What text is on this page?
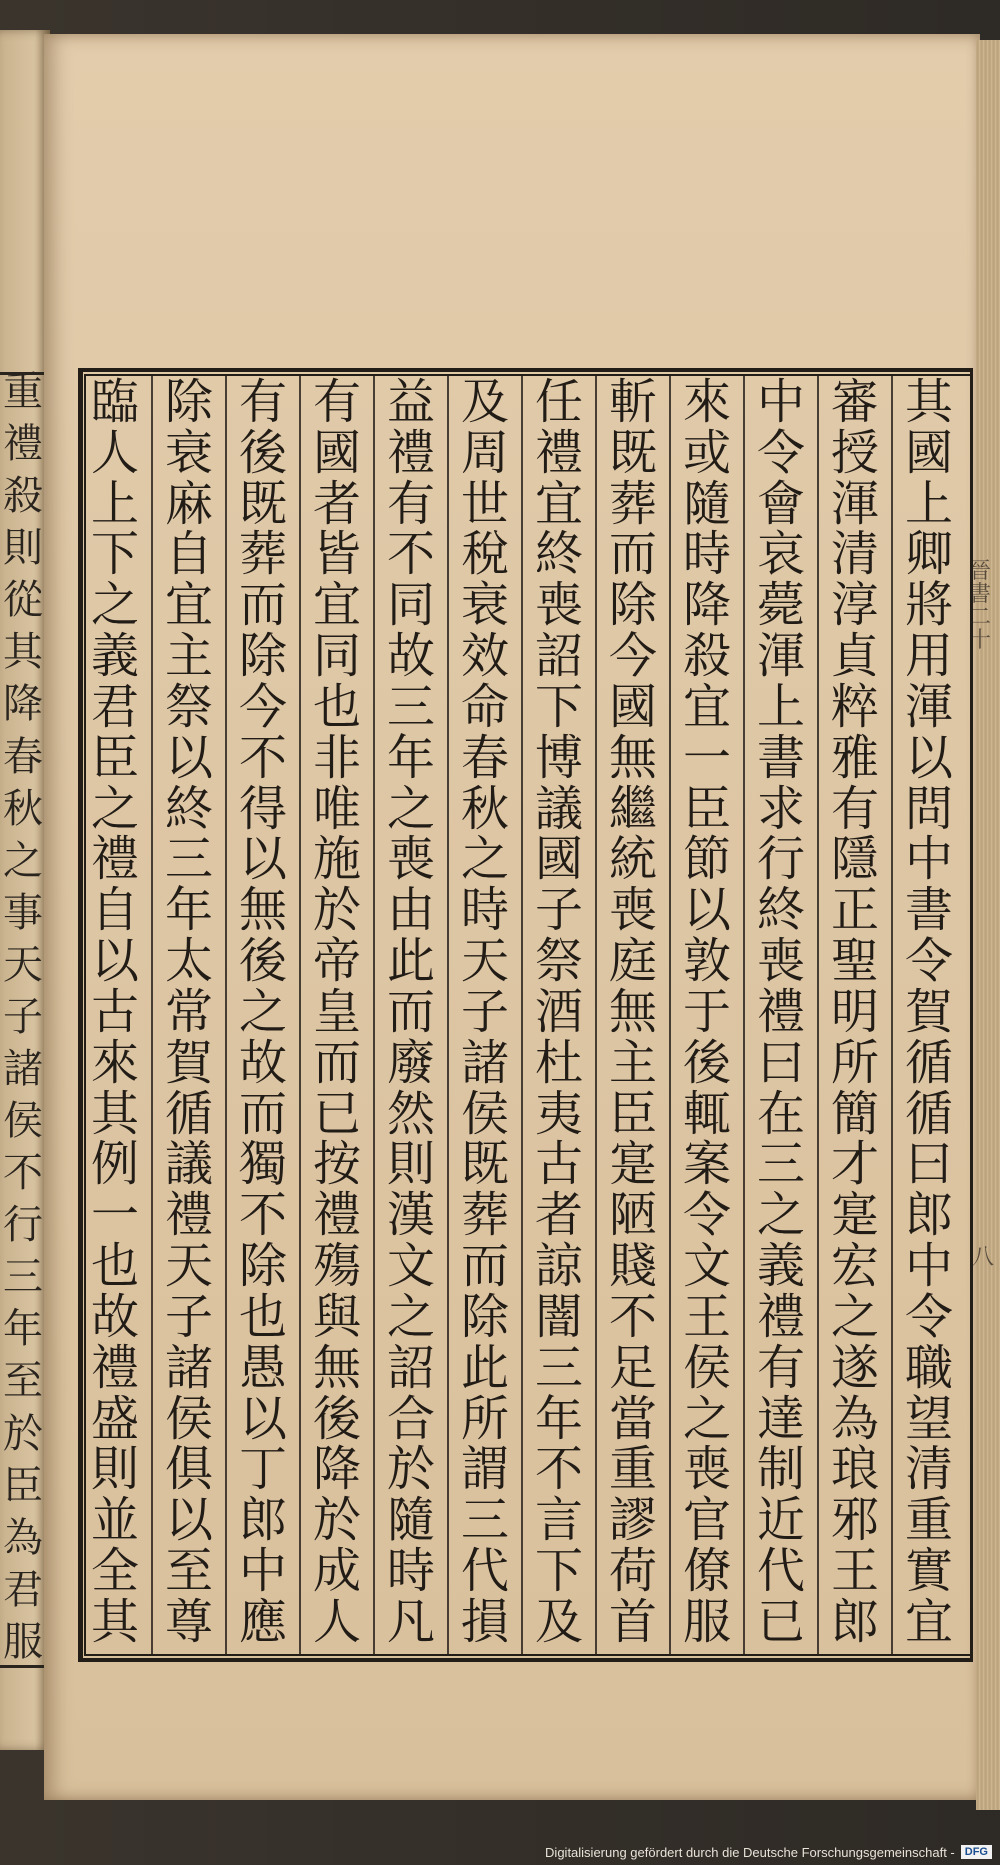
重
禮
殺
則
從
其
降
春
秋
之
事
天
子
諸
侯
不
行
三
年
至
於
臣
為
君
服
其
國
上
卿
將
用
渾
以
問
中
書
令
賀
循
循
曰
郎
中
令
職
望
清
重
實
宜
審
授
渾
清
淳
貞
粹
雅
有
隱
正
聖
明
所
簡
才
寔
宏
之
遂
為
琅
邪
王
郎
中
令
會
哀
薨
渾
上
書
求
行
終
喪
禮
曰
在
三
之
義
禮
有
達
制
近
代
已
來
或
隨
時
降
殺
宜
一
臣
節
以
敦
于
後
輒
案
令
文
王
侯
之
喪
官
僚
服
斬
既
葬
而
除
今
國
無
繼
統
喪
庭
無
主
臣
寔
陋
賤
不
足
當
重
謬
荷
首
任
禮
宜
終
喪
詔
下
博
議
國
子
祭
酒
杜
夷
古
者
諒
闇
三
年
不
言
下
及
及
周
世
稅
衰
效
命
春
秋
之
時
天
子
諸
侯
既
葬
而
除
此
所
謂
三
代
損
益
禮
有
不
同
故
三
年
之
喪
由
此
而
廢
然
則
漢
文
之
詔
合
於
隨
時
凡
有
國
者
皆
宜
同
也
非
唯
施
於
帝
皇
而
已
按
禮
殤
與
無
後
降
於
成
人
有
後
既
葬
而
除
今
不
得
以
無
後
之
故
而
獨
不
除
也
愚
以
丁
郎
中
應
除
衰
麻
自
宜
主
祭
以
終
三
年
太
常
賀
循
議
禮
天
子
諸
侯
俱
以
至
尊
臨
人
上
下
之
義
君
臣
之
禮
自
以
古
來
其
例
一
也
故
禮
盛
則
並
全
其
晉
書
二
十
八
Digitalisierung gefördert durch die Deutsche Forschungsgemeinschaft - DFG
